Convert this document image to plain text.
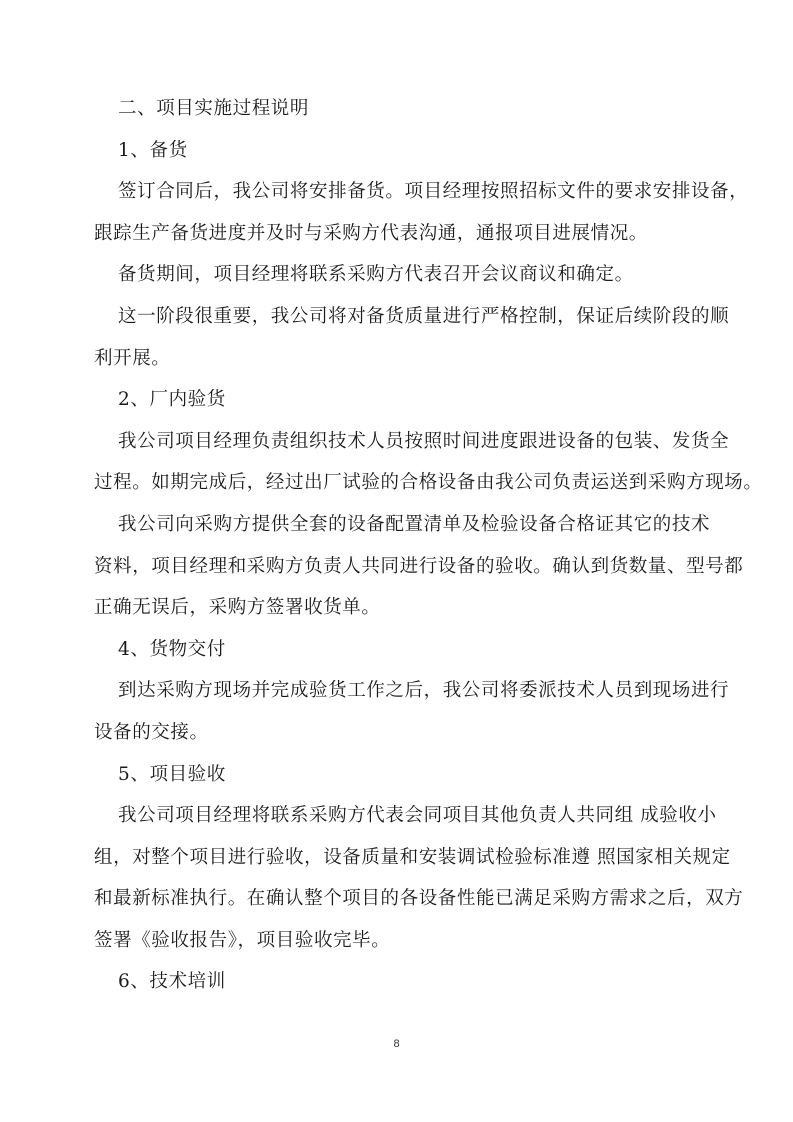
二、项目实施过程说明
1、备货
签订合同后，我公司将安排备货。项目经理按照招标文件的要求安排设备，
跟踪生产备货进度并及时与采购方代表沟通，通报项目进展情况。
备货期间，项目经理将联系采购方代表召开会议商议和确定。
这一阶段很重要，我公司将对备货质量进行严格控制，保证后续阶段的顺
利开展。
2、厂内验货
我公司项目经理负责组织技术人员按照时间进度跟进设备的包装、发货全
过程。如期完成后，经过出厂试验的合格设备由我公司负责运送到采购方现场。
我公司向采购方提供全套的设备配置清单及检验设备合格证其它的技术
资料，项目经理和采购方负责人共同进行设备的验收。确认到货数量、型号都
正确无误后，采购方签署收货单。
4、货物交付
到达采购方现场并完成验货工作之后，我公司将委派技术人员到现场进行
设备的交接。
5、项目验收
我公司项目经理将联系采购方代表会同项目其他负责人共同组 成验收小
组，对整个项目进行验收，设备质量和安装调试检验标准遵 照国家相关规定
和最新标准执行。在确认整个项目的各设备性能已满足采购方需求之后，双方
签署《验收报告》，项目验收完毕。
6、技术培训
8
